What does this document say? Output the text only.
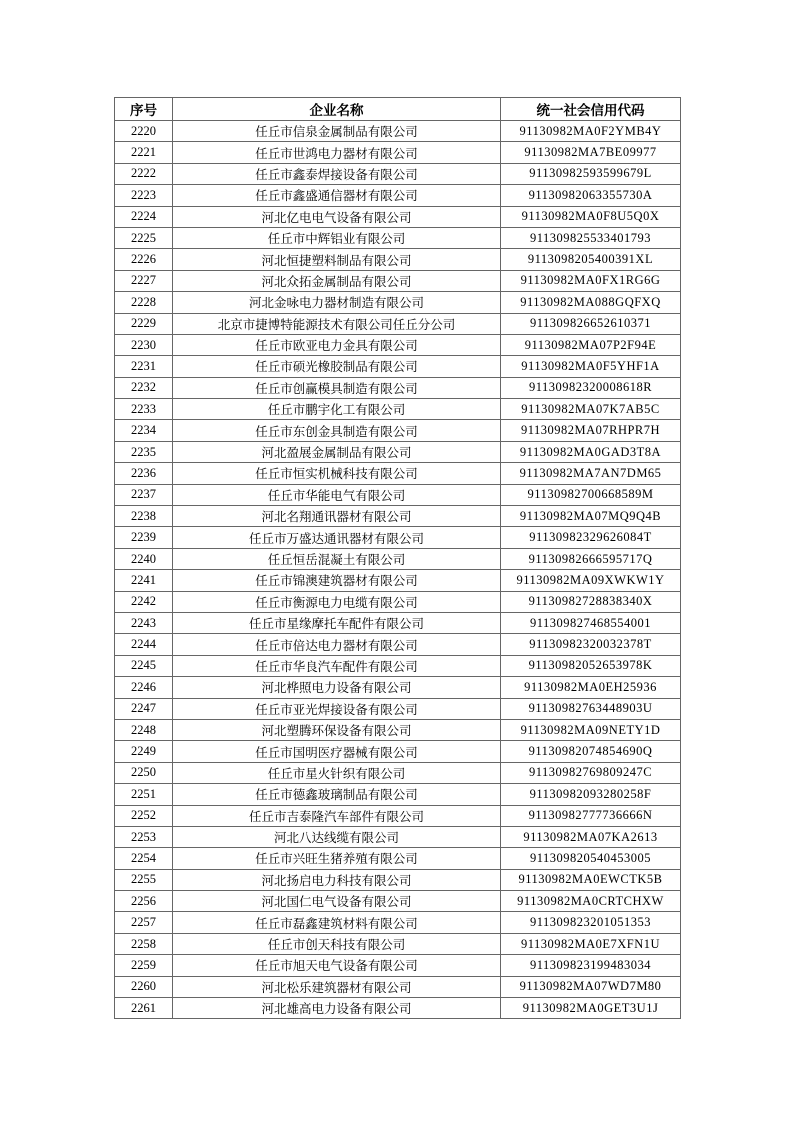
序号	企业名称	统一社会信用代码
2220	任丘市信泉金属制品有限公司	91130982MA0F2YMB4Y
2221	任丘市世鸿电力器材有限公司	91130982MA7BE09977
2222	任丘市鑫泰焊接设备有限公司	91130982593599679L
2223	任丘市鑫盛通信器材有限公司	91130982063355730A
2224	河北亿电电气设备有限公司	91130982MA0F8U5Q0X
2225	任丘市中辉铝业有限公司	911309825533401793
2226	河北恒捷塑料制品有限公司	9113098205400391XL
2227	河北众拓金属制品有限公司	91130982MA0FX1RG6G
2228	河北金咏电力器材制造有限公司	91130982MA088GQFXQ
2229	北京市捷博特能源技术有限公司任丘分公司	911309826652610371
2230	任丘市欧亚电力金具有限公司	91130982MA07P2F94E
2231	任丘市硕光橡胶制品有限公司	91130982MA0F5YHF1A
2232	任丘市创赢模具制造有限公司	91130982320008618R
2233	任丘市鹏宇化工有限公司	91130982MA07K7AB5C
2234	任丘市东创金具制造有限公司	91130982MA07RHPR7H
2235	河北盈展金属制品有限公司	91130982MA0GAD3T8A
2236	任丘市恒实机械科技有限公司	91130982MA7AN7DM65
2237	任丘市华能电气有限公司	91130982700668589M
2238	河北名翔通讯器材有限公司	91130982MA07MQ9Q4B
2239	任丘市万盛达通讯器材有限公司	91130982329626084T
2240	任丘恒岳混凝土有限公司	91130982666595717Q
2241	任丘市锦澳建筑器材有限公司	91130982MA09XWKW1Y
2242	任丘市衡源电力电缆有限公司	91130982728838340X
2243	任丘市星缘摩托车配件有限公司	911309827468554001
2244	任丘市倍达电力器材有限公司	91130982320032378T
2245	任丘市华良汽车配件有限公司	91130982052653978K
2246	河北桦照电力设备有限公司	91130982MA0EH25936
2247	任丘市亚光焊接设备有限公司	91130982763448903U
2248	河北塑腾环保设备有限公司	91130982MA09NETY1D
2249	任丘市国明医疗器械有限公司	91130982074854690Q
2250	任丘市星火针织有限公司	91130982769809247C
2251	任丘市德鑫玻璃制品有限公司	91130982093280258F
2252	任丘市吉泰隆汽车部件有限公司	91130982777736666N
2253	河北八达线缆有限公司	91130982MA07KA2613
2254	任丘市兴旺生猪养殖有限公司	911309820540453005
2255	河北扬启电力科技有限公司	91130982MA0EWCTK5B
2256	河北国仁电气设备有限公司	91130982MA0CRTCHXW
2257	任丘市磊鑫建筑材料有限公司	911309823201051353
2258	任丘市创天科技有限公司	91130982MA0E7XFN1U
2259	任丘市旭天电气设备有限公司	911309823199483034
2260	河北松乐建筑器材有限公司	91130982MA07WD7M80
2261	河北雄高电力设备有限公司	91130982MA0GET3U1J
